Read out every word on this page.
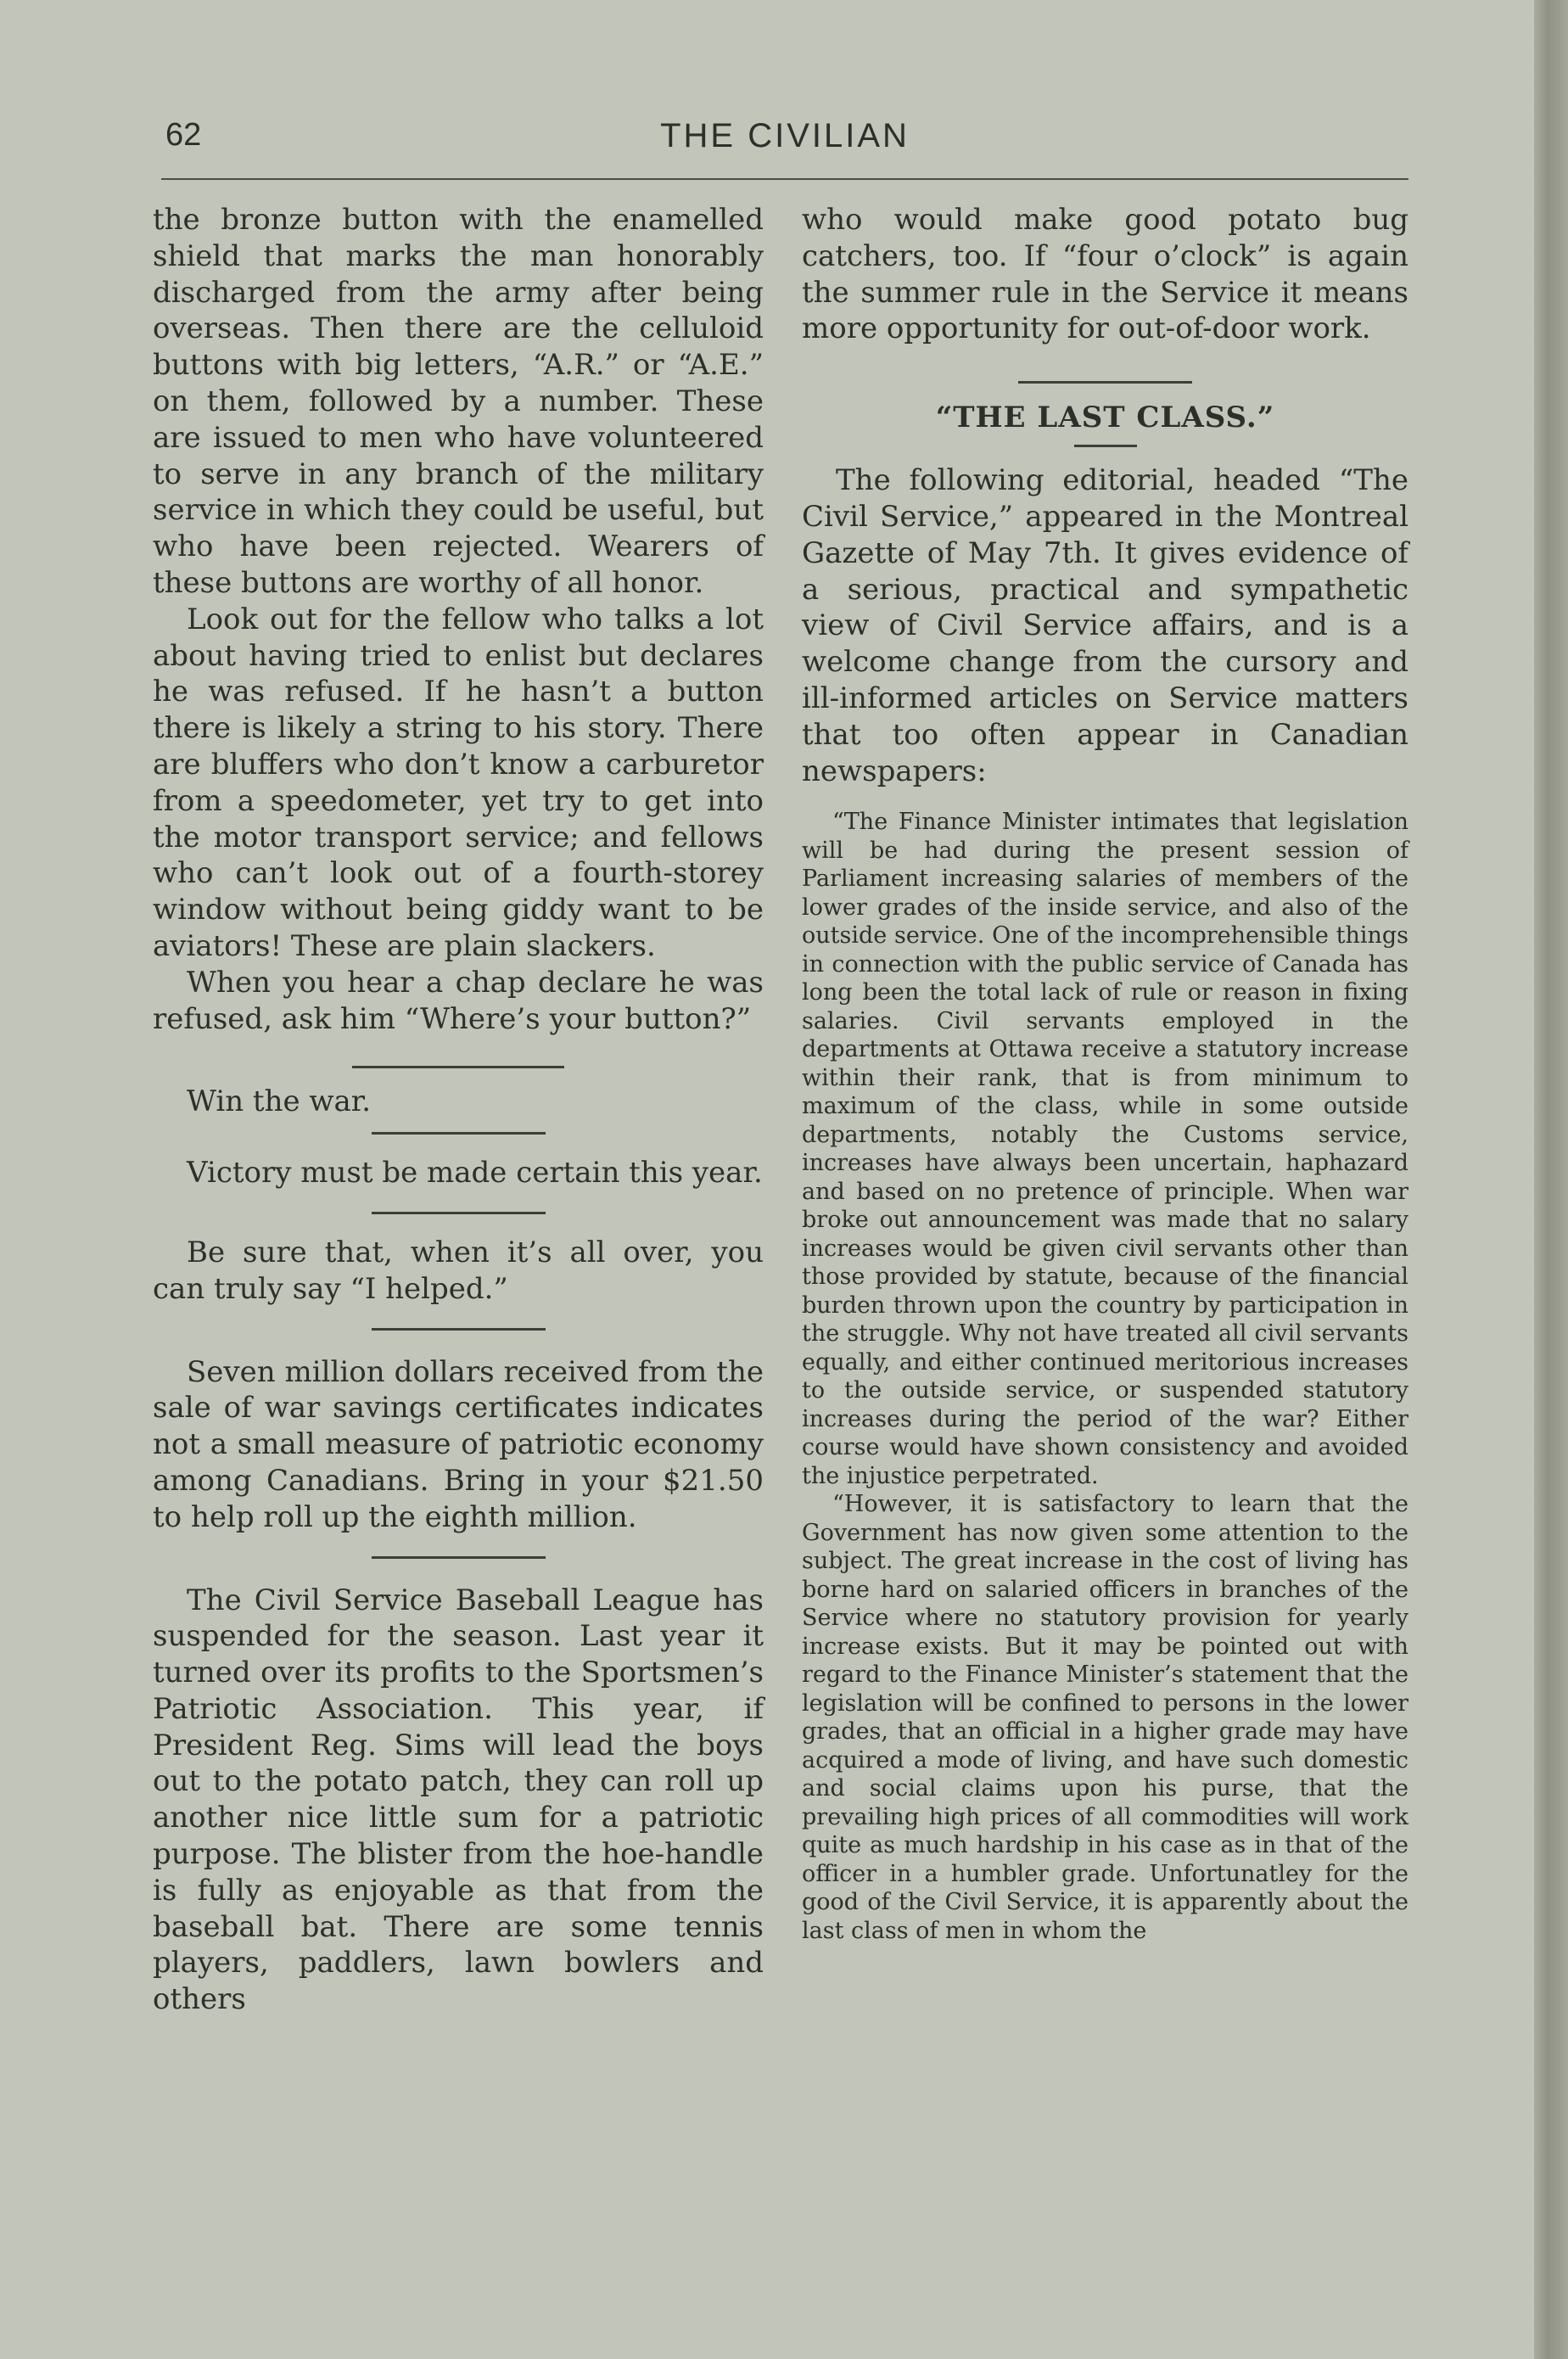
62	THE CIVILIAN

the bronze button with the enamelled shield that marks the man honorably discharged from the army after being overseas. Then there are the celluloid buttons with big letters, “A.R.” or “A.E.” on them, followed by a number. These are issued to men who have volunteered to serve in any branch of the military service in which they could be useful, but who have been rejected. Wearers of these buttons are worthy of all honor.

Look out for the fellow who talks a lot about having tried to enlist but declares he was refused. If he hasn’t a button there is likely a string to his story. There are bluffers who don’t know a carburetor from a speedometer, yet try to get into the motor transport service; and fellows who can’t look out of a fourth-storey window without being giddy want to be aviators! These are plain slackers.

When you hear a chap declare he was refused, ask him “Where’s your button?”

Win the war.

Victory must be made certain this year.

Be sure that, when it’s all over, you can truly say “I helped.”

Seven million dollars received from the sale of war savings certificates indicates not a small measure of patriotic economy among Canadians. Bring in your $21.50 to help roll up the eighth million.

The Civil Service Baseball League has suspended for the season. Last year it turned over its profits to the Sportsmen’s Patriotic Association. This year, if President Reg. Sims will lead the boys out to the potato patch, they can roll up another nice little sum for a patriotic purpose. The blister from the hoe-handle is fully as enjoyable as that from the baseball bat. There are some tennis players, paddlers, lawn bowlers and others

who would make good potato bug catchers, too. If “four o’clock” is again the summer rule in the Service it means more opportunity for out-of-door work.

“THE LAST CLASS.”

The following editorial, headed “The Civil Service,” appeared in the Montreal Gazette of May 7th. It gives evidence of a serious, practical and sympathetic view of Civil Service affairs, and is a welcome change from the cursory and ill-informed articles on Service matters that too often appear in Canadian newspapers:

“The Finance Minister intimates that legislation will be had during the present session of Parliament increasing salaries of members of the lower grades of the inside service, and also of the outside service. One of the incomprehensible things in connection with the public service of Canada has long been the total lack of rule or reason in fixing salaries. Civil servants employed in the departments at Ottawa receive a statutory increase within their rank, that is from minimum to maximum of the class, while in some outside departments, notably the Customs service, increases have always been uncertain, haphazard and based on no pretence of principle. When war broke out announcement was made that no salary increases would be given civil servants other than those provided by statute, because of the financial burden thrown upon the country by participation in the struggle. Why not have treated all civil servants equally, and either continued meritorious increases to the outside service, or suspended statutory increases during the period of the war? Either course would have shown consistency and avoided the injustice perpetrated.

“However, it is satisfactory to learn that the Government has now given some attention to the subject. The great increase in the cost of living has borne hard on salaried officers in branches of the Service where no statutory provision for yearly increase exists. But it may be pointed out with regard to the Finance Minister’s statement that the legislation will be confined to persons in the lower grades, that an official in a higher grade may have acquired a mode of living, and have such domestic and social claims upon his purse, that the prevailing high prices of all commodities will work quite as much hardship in his case as in that of the officer in a humbler grade. Unfortunatley for the good of the Civil Service, it is apparently about the last class of men in whom the
